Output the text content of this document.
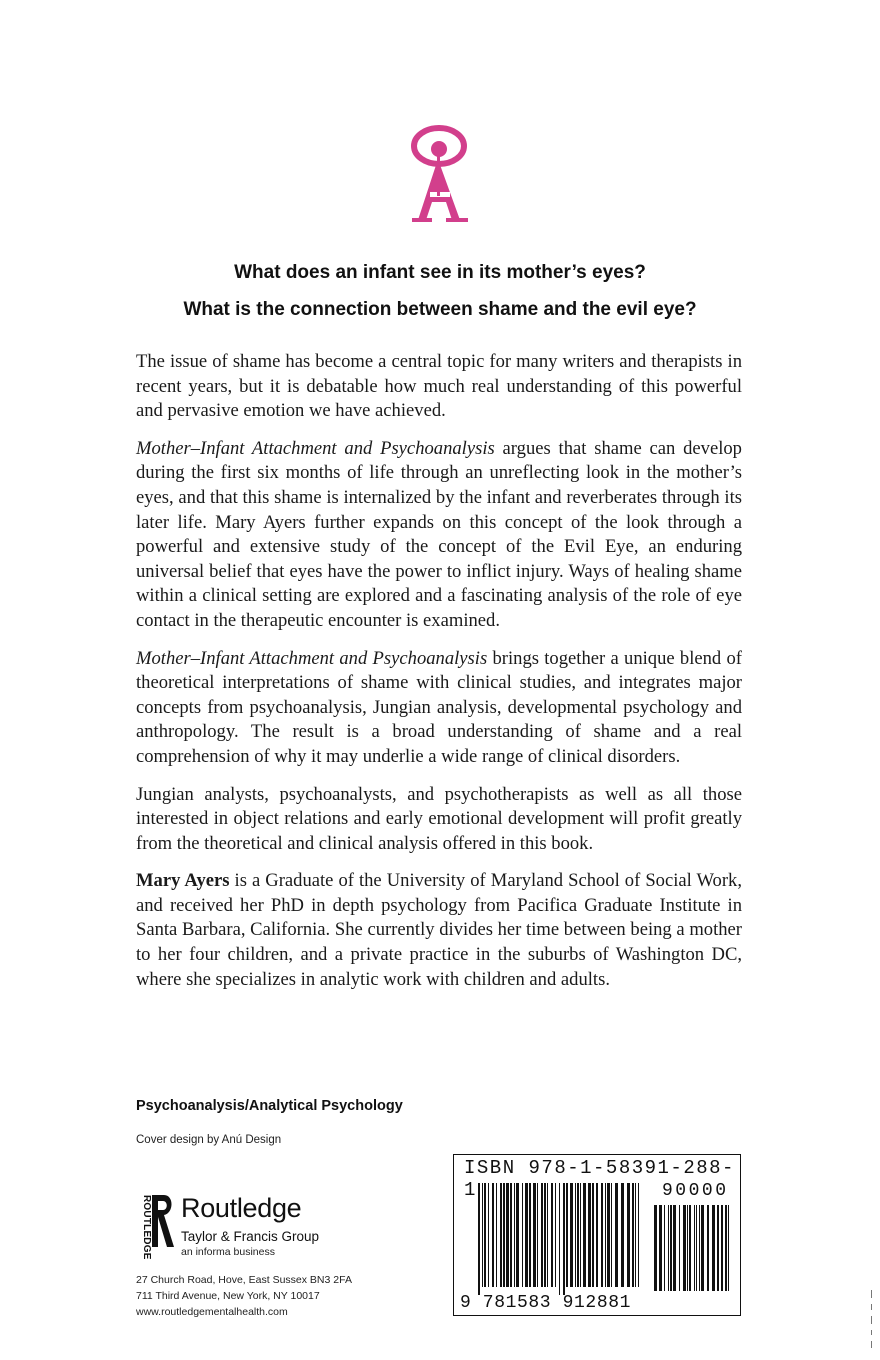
What does an infant see in its mother’s eyes?
What is the connection between shame and the evil eye?

The issue of shame has become a central topic for many writers and therapists in recent years, but it is debatable how much real understanding of this powerful and pervasive emotion we have achieved.

Mother–Infant Attachment and Psychoanalysis argues that shame can develop during the first six months of life through an unreflecting look in the mother’s eyes, and that this shame is internalized by the infant and reverberates through its later life. Mary Ayers further expands on this concept of the look through a powerful and extensive study of the concept of the Evil Eye, an enduring universal belief that eyes have the power to inflict injury. Ways of healing shame within a clinical setting are explored and a fascinating analysis of the role of eye contact in the therapeutic encounter is examined.

Mother–Infant Attachment and Psychoanalysis brings together a unique blend of theoretical interpretations of shame with clinical studies, and integrates major concepts from psychoanalysis, Jungian analysis, developmental psychology and anthropology. The result is a broad understanding of shame and a real comprehension of why it may underlie a wide range of clinical disorders.

Jungian analysts, psychoanalysts, and psychotherapists as well as all those interested in object relations and early emotional development will profit greatly from the theoretical and clinical analysis offered in this book.

Mary Ayers is a Graduate of the University of Maryland School of Social Work, and received her PhD in depth psychology from Pacifica Graduate Institute in Santa Barbara, California. She currently divides her time between being a mother to her four children, and a private practice in the suburbs of Washington DC, where she specializes in analytic work with children and adults.

Psychoanalysis/Analytical Psychology
Cover design by Anú Design
ROUTLEDGE Routledge
Taylor & Francis Group
an informa business
27 Church Road, Hove, East Sussex BN3 2FA
711 Third Avenue, New York, NY 10017
www.routledgementalhealth.com
ISBN 978-1-58391-288-1	90000
9 781583 912881
